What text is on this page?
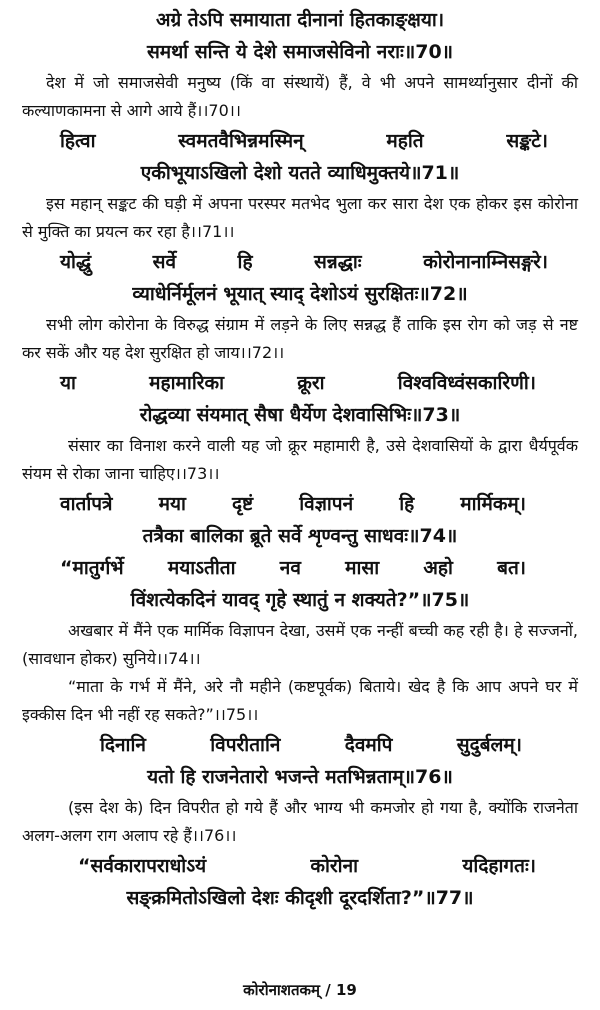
अग्रे तेऽपि समायाता दीनानां हितकाङ्क्षया।

समर्था सन्ति ये देशे समाजसेविनो नराः॥70॥

देश में जो समाजसेवी मनुष्य (किं वा संस्थायें) हैं, वे भी अपने सामर्थ्यानुसार दीनों की कल्याणकामना से आगे आये हैं।।70।।

हित्वा स्वमतवैभिन्नमस्मिन् महति सङ्कटे।

एकीभूयाऽखिलो देशो यतते व्याधिमुक्तये॥71॥

इस महान् सङ्कट की घड़ी में अपना परस्पर मतभेद भुला कर सारा देश एक होकर इस कोरोना से मुक्ति का प्रयत्न कर रहा है।।71।।

योद्धुं सर्वे हि सन्नद्धाः कोरोनानाम्निसङ्गरे।

व्याधेर्निर्मूलनं भूयात् स्याद् देशोऽयं सुरक्षितः॥72॥

सभी लोग कोरोना के विरुद्ध संग्राम में लड़ने के लिए सन्नद्ध हैं ताकि इस रोग को जड़ से नष्ट कर सकें और यह देश सुरक्षित हो जाय।।72।।

या महामारिका क्रूरा विश्वविध्वंसकारिणी।

रोद्धव्या संयमात् सैषा धैर्येण देशवासिभिः॥73॥

संसार का विनाश करने वाली यह जो क्रूर महामारी है, उसे देशवासियों के द्वारा धैर्यपूर्वक संयम से रोका जाना चाहिए।।73।।

वार्तापत्रे मया दृष्टं विज्ञापनं हि मार्मिकम्।

तत्रैका बालिका ब्रूते सर्वे शृण्वन्तु साधवः॥74॥

“मातुर्गर्भे मयाऽतीता नव मासा अहो बत।

विंशत्येकदिनं यावद् गृहे स्थातुं न शक्यते?”॥75॥

अखबार में मैंने एक मार्मिक विज्ञापन देखा, उसमें एक नन्हीं बच्ची कह रही है। हे सज्जनों, (सावधान होकर) सुनिये।।74।।

“माता के गर्भ में मैंने, अरे नौ महीने (कष्टपूर्वक) बिताये। खेद है कि आप अपने घर में इक्कीस दिन भी नहीं रह सकते?”।।75।।

दिनानि विपरीतानि दैवमपि सुदुर्बलम्।

यतो हि राजनेतारो भजन्ते मतभिन्नताम्॥76॥

(इस देश के) दिन विपरीत हो गये हैं और भाग्य भी कमजोर हो गया है, क्योंकि राजनेता अलग-अलग राग अलाप रहे हैं।।76।।

“सर्वकारापराधोऽयं कोरोना यदिहागतः।

सङ्क्रमितोऽखिलो देशः कीदृशी दूरदर्शिता?”॥77॥

कोरोनाशतकम् / 19
